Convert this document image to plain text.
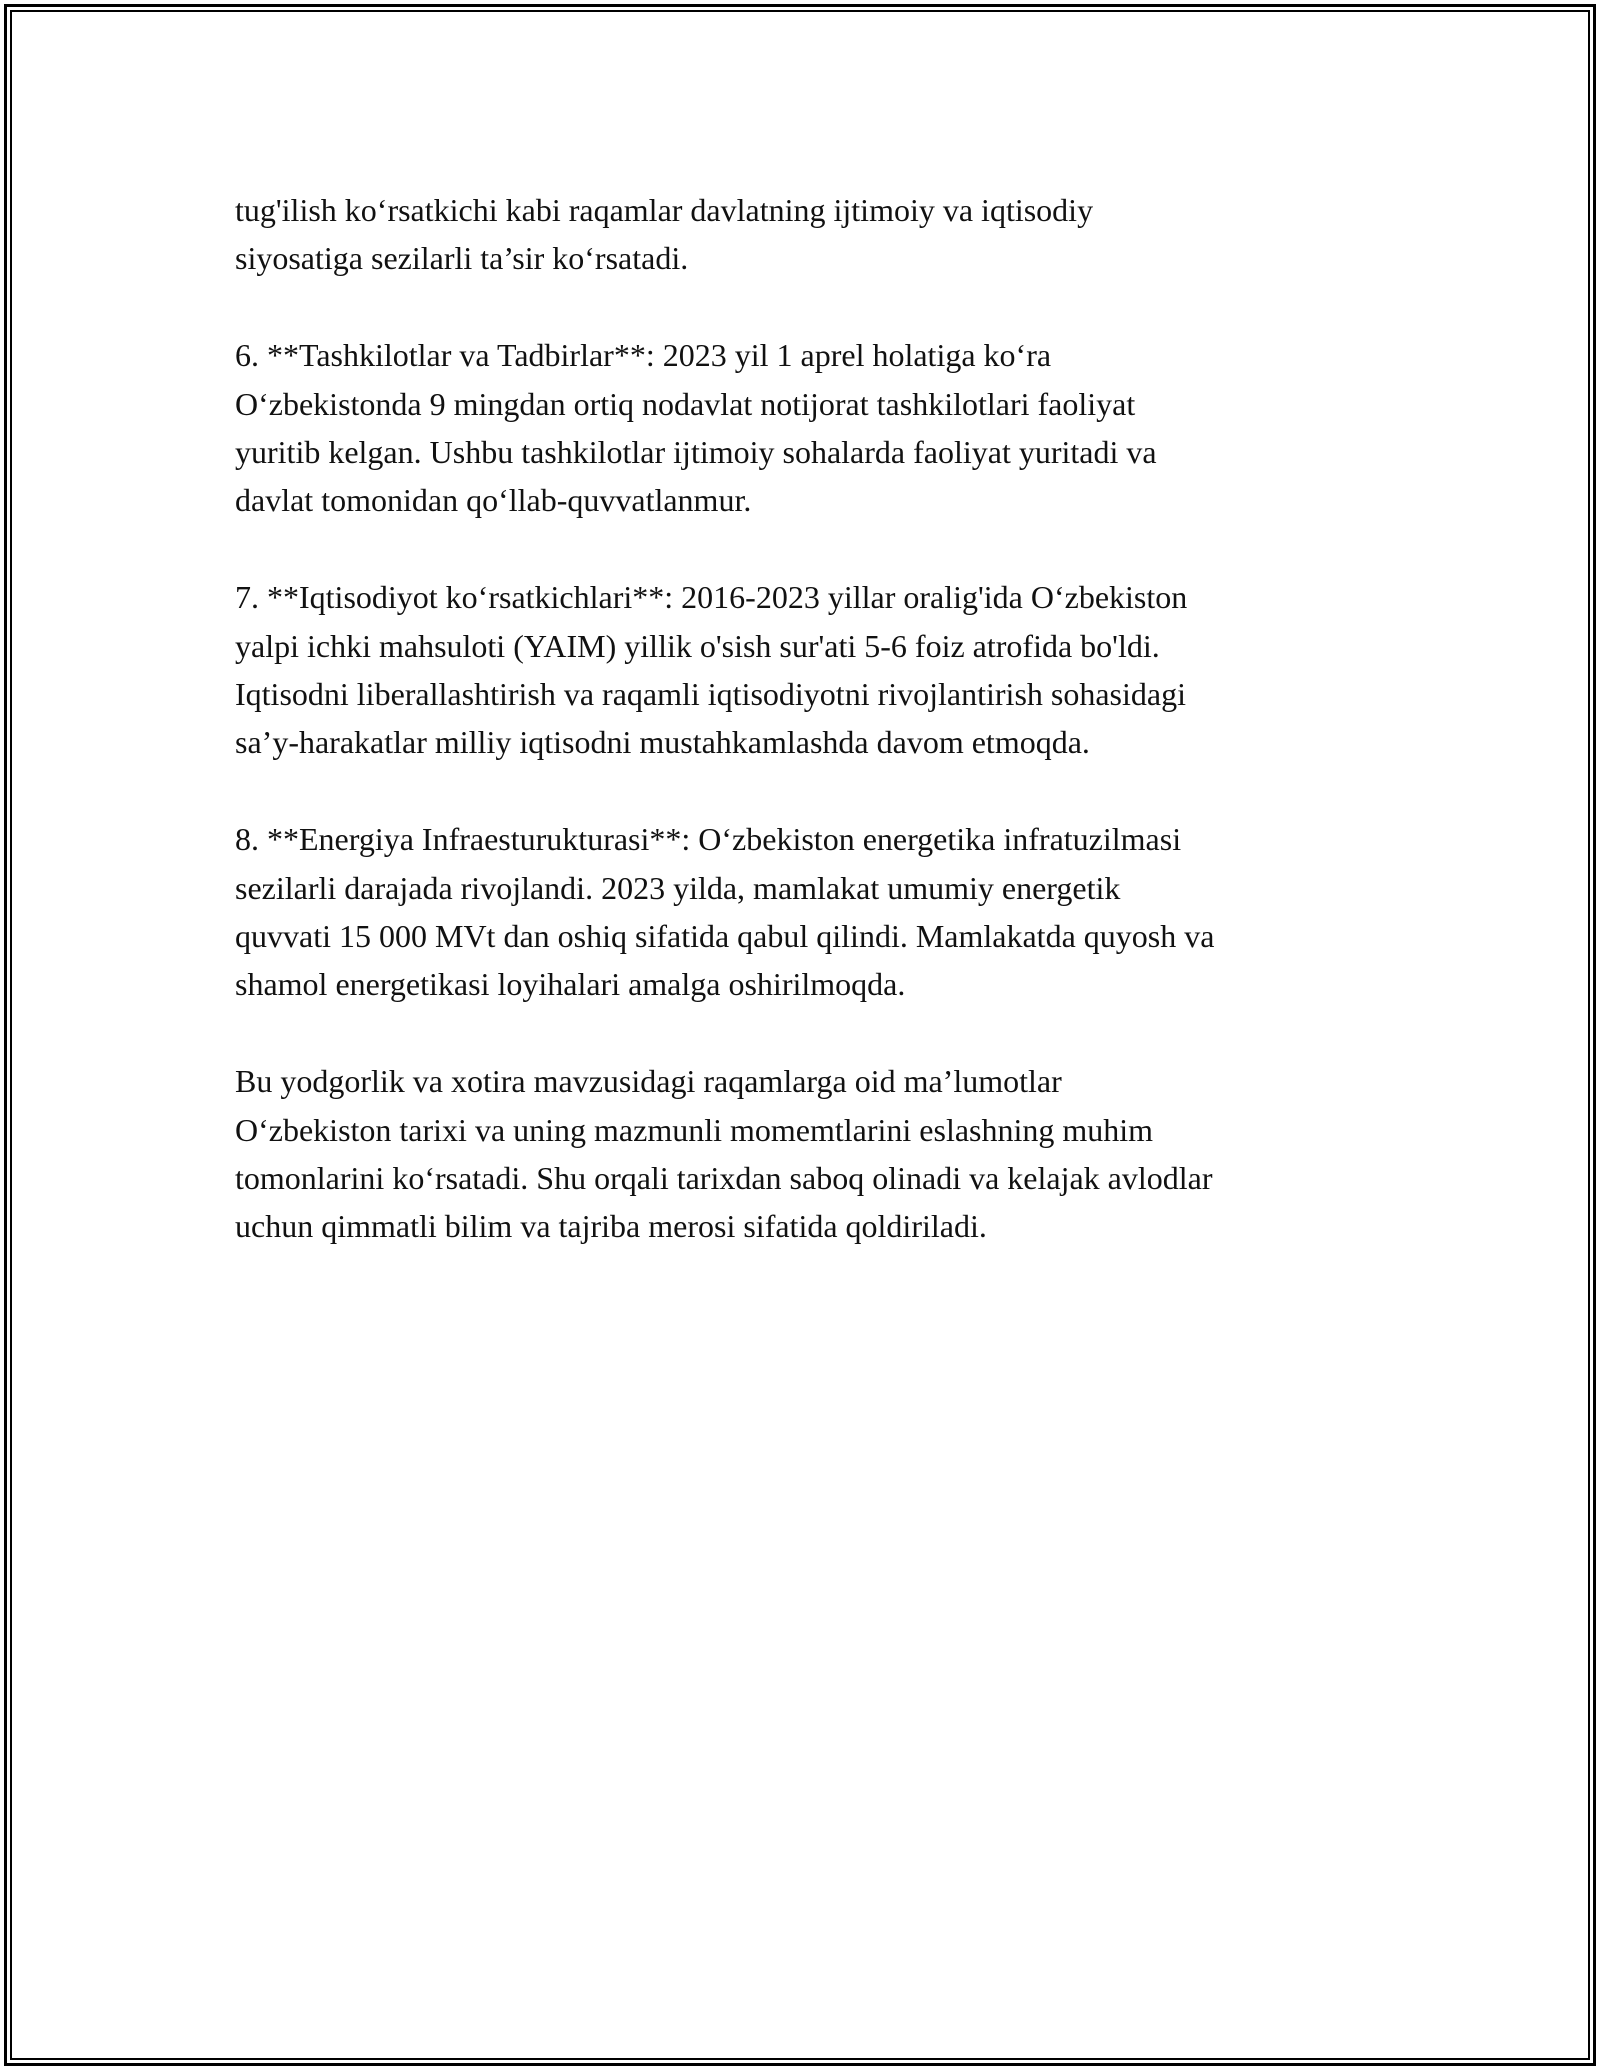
tug'ilish ko‘rsatkichi kabi raqamlar davlatning ijtimoiy va iqtisodiy
siyosatiga sezilarli ta’sir ko‘rsatadi.

6. **Tashkilotlar va Tadbirlar**: 2023 yil 1 aprel holatiga ko‘ra
O‘zbekistonda 9 mingdan ortiq nodavlat notijorat tashkilotlari faoliyat
yuritib kelgan. Ushbu tashkilotlar ijtimoiy sohalarda faoliyat yuritadi va
davlat tomonidan qo‘llab-quvvatlanmur.

7. **Iqtisodiyot ko‘rsatkichlari**: 2016-2023 yillar oralig'ida O‘zbekiston
yalpi ichki mahsuloti (YAIM) yillik o'sish sur'ati 5-6 foiz atrofida bo'ldi.
Iqtisodni liberallashtirish va raqamli iqtisodiyotni rivojlantirish sohasidagi
sa’y-harakatlar milliy iqtisodni mustahkamlashda davom etmoqda.

8. **Energiya Infraesturukturasi**: O‘zbekiston energetika infratuzilmasi
sezilarli darajada rivojlandi. 2023 yilda, mamlakat umumiy energetik
quvvati 15 000 MVt dan oshiq sifatida qabul qilindi. Mamlakatda quyosh va
shamol energetikasi loyihalari amalga oshirilmoqda.

Bu yodgorlik va xotira mavzusidagi raqamlarga oid ma’lumotlar
O‘zbekiston tarixi va uning mazmunli momemtlarini eslashning muhim
tomonlarini ko‘rsatadi. Shu orqali tarixdan saboq olinadi va kelajak avlodlar
uchun qimmatli bilim va tajriba merosi sifatida qoldiriladi.
